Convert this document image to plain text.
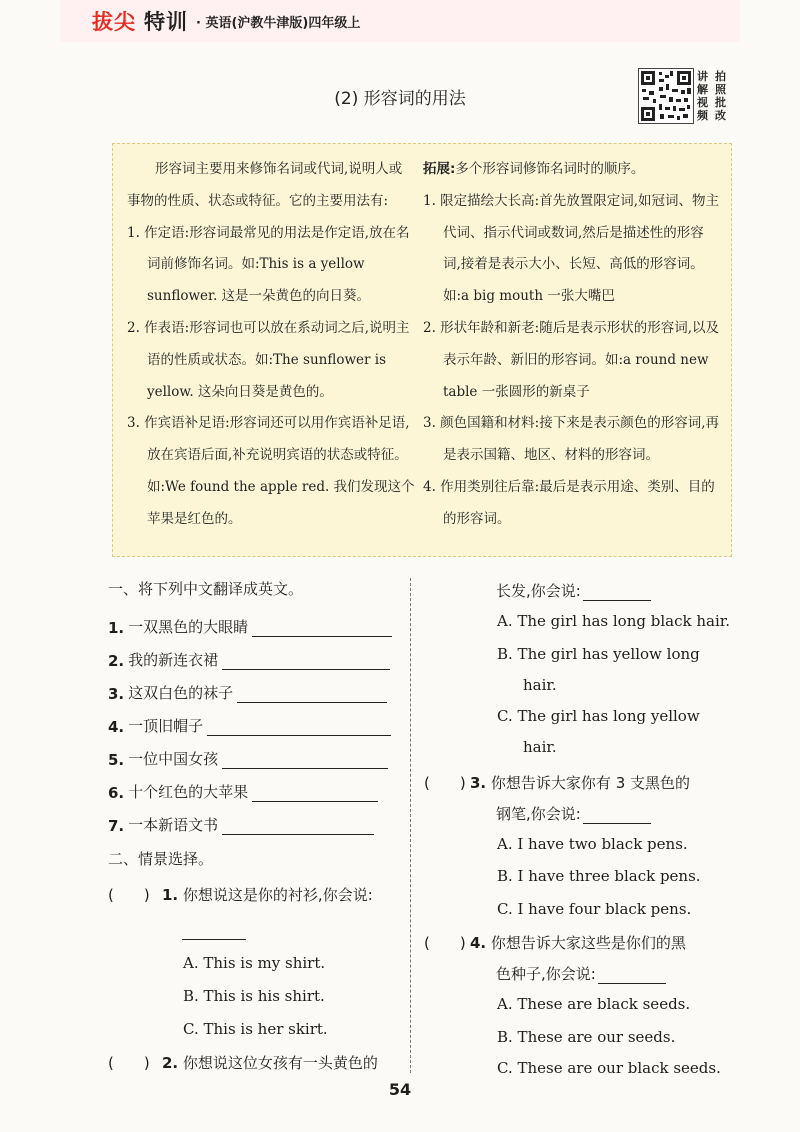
拔尖 特训 · 英语(沪教牛津版)四年级上
(2) 形容词的用法
讲 拍
解 照
视 批
频 改

形容词主要用来修饰名词或代词,说明人或事物的性质、状态或特征。它的主要用法有:

1. 作定语:形容词最常见的用法是作定语,放在名词前修饰名词。如:This is a yellow sunflower. 这是一朵黄色的向日葵。

2. 作表语:形容词也可以放在系动词之后,说明主语的性质或状态。如:The sunflower is yellow. 这朵向日葵是黄色的。

3. 作宾语补足语:形容词还可以用作宾语补足语,放在宾语后面,补充说明宾语的状态或特征。如:We found the apple red. 我们发现这个苹果是红色的。

拓展:多个形容词修饰名词时的顺序。

1. 限定描绘大长高:首先放置限定词,如冠词、物主代词、指示代词或数词,然后是描述性的形容词,接着是表示大小、长短、高低的形容词。如:a big mouth 一张大嘴巴

2. 形状年龄和新老:随后是表示形状的形容词,以及表示年龄、新旧的形容词。如:a round new table 一张圆形的新桌子

3. 颜色国籍和材料:接下来是表示颜色的形容词,再是表示国籍、地区、材料的形容词。

4. 作用类别往后靠:最后是表示用途、类别、目的的形容词。

一、将下列中文翻译成英文。
1. 一双黑色的大眼睛
2. 我的新连衣裙
3. 这双白色的袜子
4. 一顶旧帽子
5. 一位中国女孩
6. 十个红色的大苹果
7. 一本新语文书
二、情景选择。
(　　) 1. 你想说这是你的衬衫,你会说:
A. This is my shirt.
B. This is his shirt.
C. This is her skirt.
(　　) 2. 你想说这位女孩有一头黄色的
长发,你会说:
A. The girl has long black hair.
B. The girl has yellow long
hair.
C. The girl has long yellow
hair.
(　　) 3. 你想告诉大家你有 3 支黑色的
钢笔,你会说:
A. I have two black pens.
B. I have three black pens.
C. I have four black pens.
(　　) 4. 你想告诉大家这些是你们的黑
色种子,你会说:
A. These are black seeds.
B. These are our seeds.
C. These are our black seeds.
54
